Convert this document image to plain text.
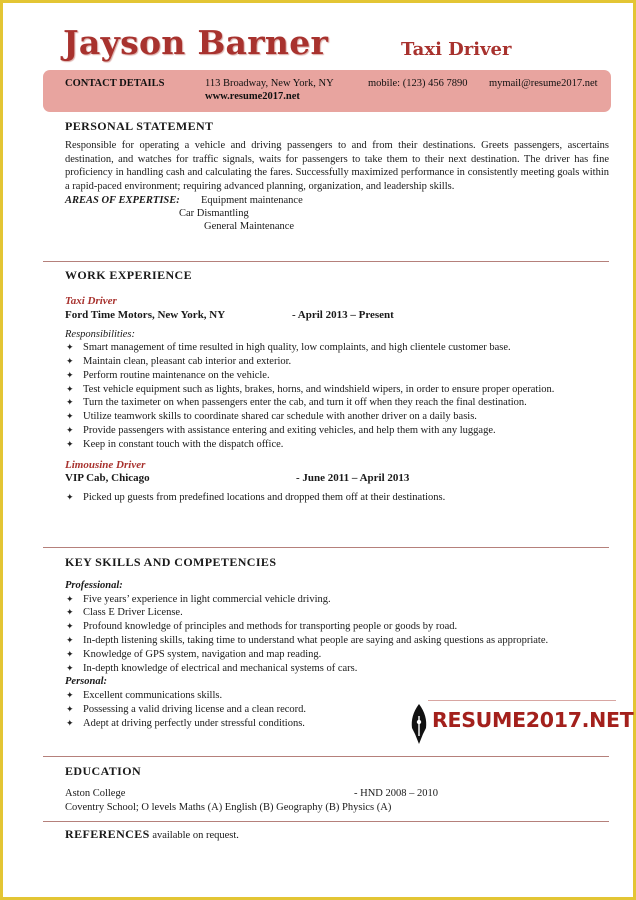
Jayson Barner	Taxi Driver
CONTACT DETAILS	113 Broadway, New York, NY
www.resume2017.net
mobile: (123) 456 7890 mymail@resume2017.net
PERSONAL STATEMENT
Responsible for operating a vehicle and driving passengers to and from their destinations. Greets passengers, ascertains destination, and watches for traffic signals, waits for passengers to take them to their next destination. The driver has fine proficiency in handling cash and calculating the fares. Successfully maximized performance in consistently meeting goals within a rapid-paced environment; requiring advanced planning, organization, and leadership skills.
AREAS OF EXPERTISE: Equipment maintenance
Car Dismantling
General Maintenance
WORK EXPERIENCE
Taxi Driver
Ford Time Motors, New York, NY	- April 2013 – Present
Responsibilities:
✦ Smart management of time resulted in high quality, low complaints, and high clientele customer base.
✦ Maintain clean, pleasant cab interior and exterior.
✦ Perform routine maintenance on the vehicle.
✦ Test vehicle equipment such as lights, brakes, horns, and windshield wipers, in order to ensure proper operation.
✦ Turn the taximeter on when passengers enter the cab, and turn it off when they reach the final destination.
✦ Utilize teamwork skills to coordinate shared car schedule with another driver on a daily basis.
✦ Provide passengers with assistance entering and exiting vehicles, and help them with any luggage.
✦ Keep in constant touch with the dispatch office.
Limousine Driver
VIP Cab, Chicago	- June 2011 – April 2013
✦ Picked up guests from predefined locations and dropped them off at their destinations.
KEY SKILLS AND COMPETENCIES
Professional:
✦ Five years’ experience in light commercial vehicle driving.
✦ Class E Driver License.
✦ Profound knowledge of principles and methods for transporting people or goods by road.
✦ In-depth listening skills, taking time to understand what people are saying and asking questions as appropriate.
✦ Knowledge of GPS system, navigation and map reading.
✦ In-depth knowledge of electrical and mechanical systems of cars.
Personal:
✦ Excellent communications skills.
✦ Possessing a valid driving license and a clean record.
✦ Adept at driving perfectly under stressful conditions.	RESUME2017.NET
EDUCATION
Aston College	- HND 2008 – 2010
Coventry School; O levels Maths (A) English (B) Geography (B) Physics (A)
REFERENCES available on request.
